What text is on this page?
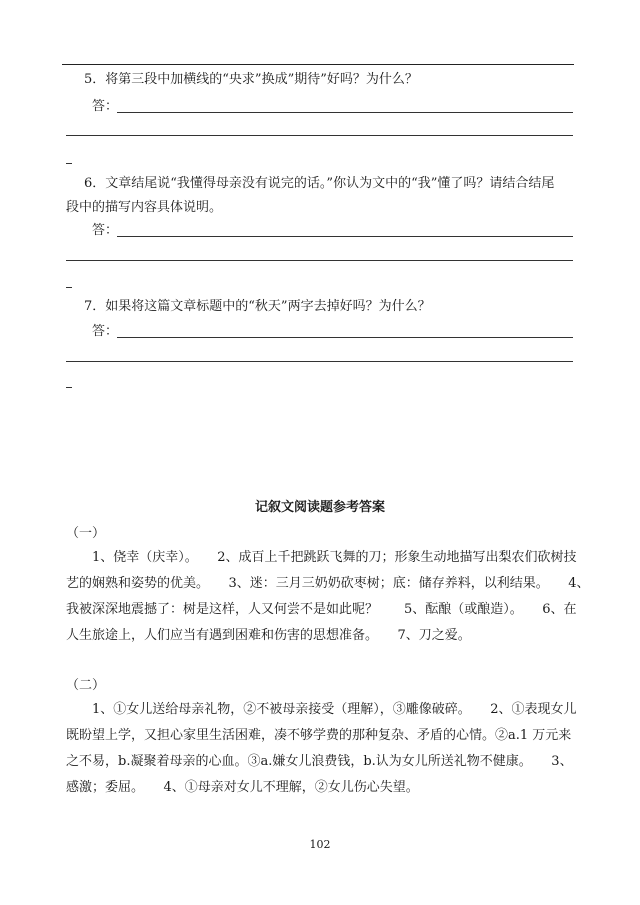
5．将第三段中加横线的“央求”换成”期待”好吗？为什么？
答：
6．文章结尾说“我懂得母亲没有说完的话。”你认为文中的“我”懂了吗？请结合结尾
段中的描写内容具体说明。
答：
7．如果将这篇文章标题中的“秋天”两字去掉好吗？为什么？
答：
记叙文阅读题参考答案
（一）
1、侥幸（庆幸）。　　2、成百上千把跳跃飞舞的刀；形象生动地描写出梨农们砍树技
艺的娴熟和姿势的优美。　　3、迷：三月三奶奶砍枣树；底：储存养料，以利结果。　　4、
我被深深地震撼了：树是这样，人又何尝不是如此呢？　　5、酝酿（或酿造）。　　6、在
人生旅途上，人们应当有遇到困难和伤害的思想准备。　　7、刀之爱。
（二）
1、①女儿送给母亲礼物，②不被母亲接受（理解），③雕像破碎。　　2、①表现女儿
既盼望上学，又担心家里生活困难，凑不够学费的那种复杂、矛盾的心情。②a.1 万元来
之不易，b.凝聚着母亲的心血。③a.嫌女儿浪费钱，b.认为女儿所送礼物不健康。　　3、
感激；委屈。　　4、①母亲对女儿不理解，②女儿伤心失望。
102
